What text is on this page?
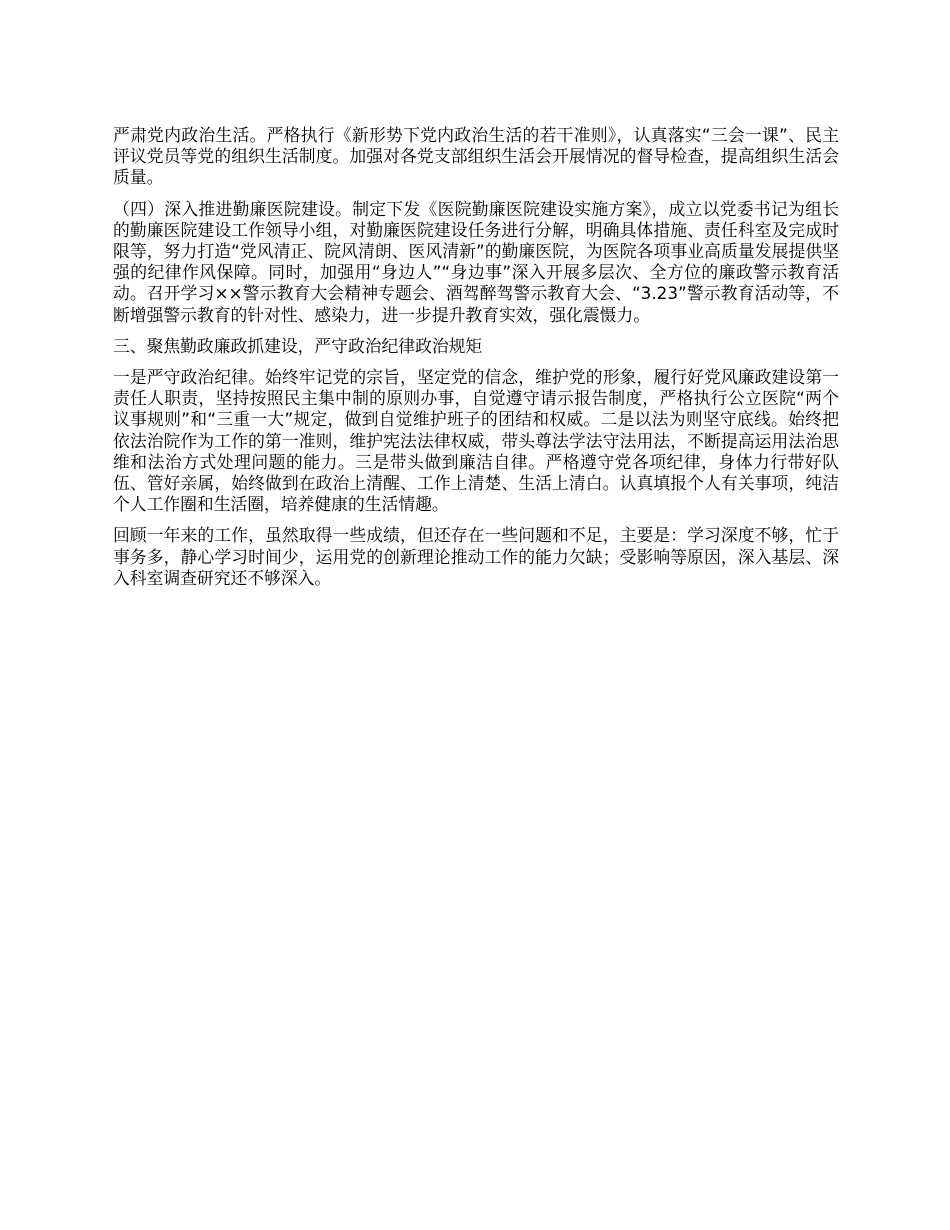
严肃党内政治生活。严格执行《新形势下党内政治生活的若干准则》，认真落实“三会一课”、民主评议党员等党的组织生活制度。加强对各党支部组织生活会开展情况的督导检查，提高组织生活会质量。

（四）深入推进勤廉医院建设。制定下发《医院勤廉医院建设实施方案》，成立以党委书记为组长的勤廉医院建设工作领导小组，对勤廉医院建设任务进行分解，明确具体措施、责任科室及完成时限等，努力打造“党风清正、院风清朗、医风清新”的勤廉医院，为医院各项事业高质量发展提供坚强的纪律作风保障。同时，加强用“身边人”“身边事”深入开展多层次、全方位的廉政警示教育活动。召开学习××警示教育大会精神专题会、酒驾醉驾警示教育大会、“3.23”警示教育活动等，不断增强警示教育的针对性、感染力，进一步提升教育实效，强化震慑力。

三、聚焦勤政廉政抓建设，严守政治纪律政治规矩

一是严守政治纪律。始终牢记党的宗旨，坚定党的信念，维护党的形象，履行好党风廉政建设第一责任人职责，坚持按照民主集中制的原则办事，自觉遵守请示报告制度，严格执行公立医院“两个议事规则”和“三重一大”规定，做到自觉维护班子的团结和权威。二是以法为则坚守底线。始终把依法治院作为工作的第一准则，维护宪法法律权威，带头尊法学法守法用法，不断提高运用法治思维和法治方式处理问题的能力。三是带头做到廉洁自律。严格遵守党各项纪律，身体力行带好队伍、管好亲属，始终做到在政治上清醒、工作上清楚、生活上清白。认真填报个人有关事项，纯洁个人工作圈和生活圈，培养健康的生活情趣。

回顾一年来的工作，虽然取得一些成绩，但还存在一些问题和不足，主要是：学习深度不够，忙于事务多，静心学习时间少，运用党的创新理论推动工作的能力欠缺；受影响等原因，深入基层、深入科室调查研究还不够深入。
